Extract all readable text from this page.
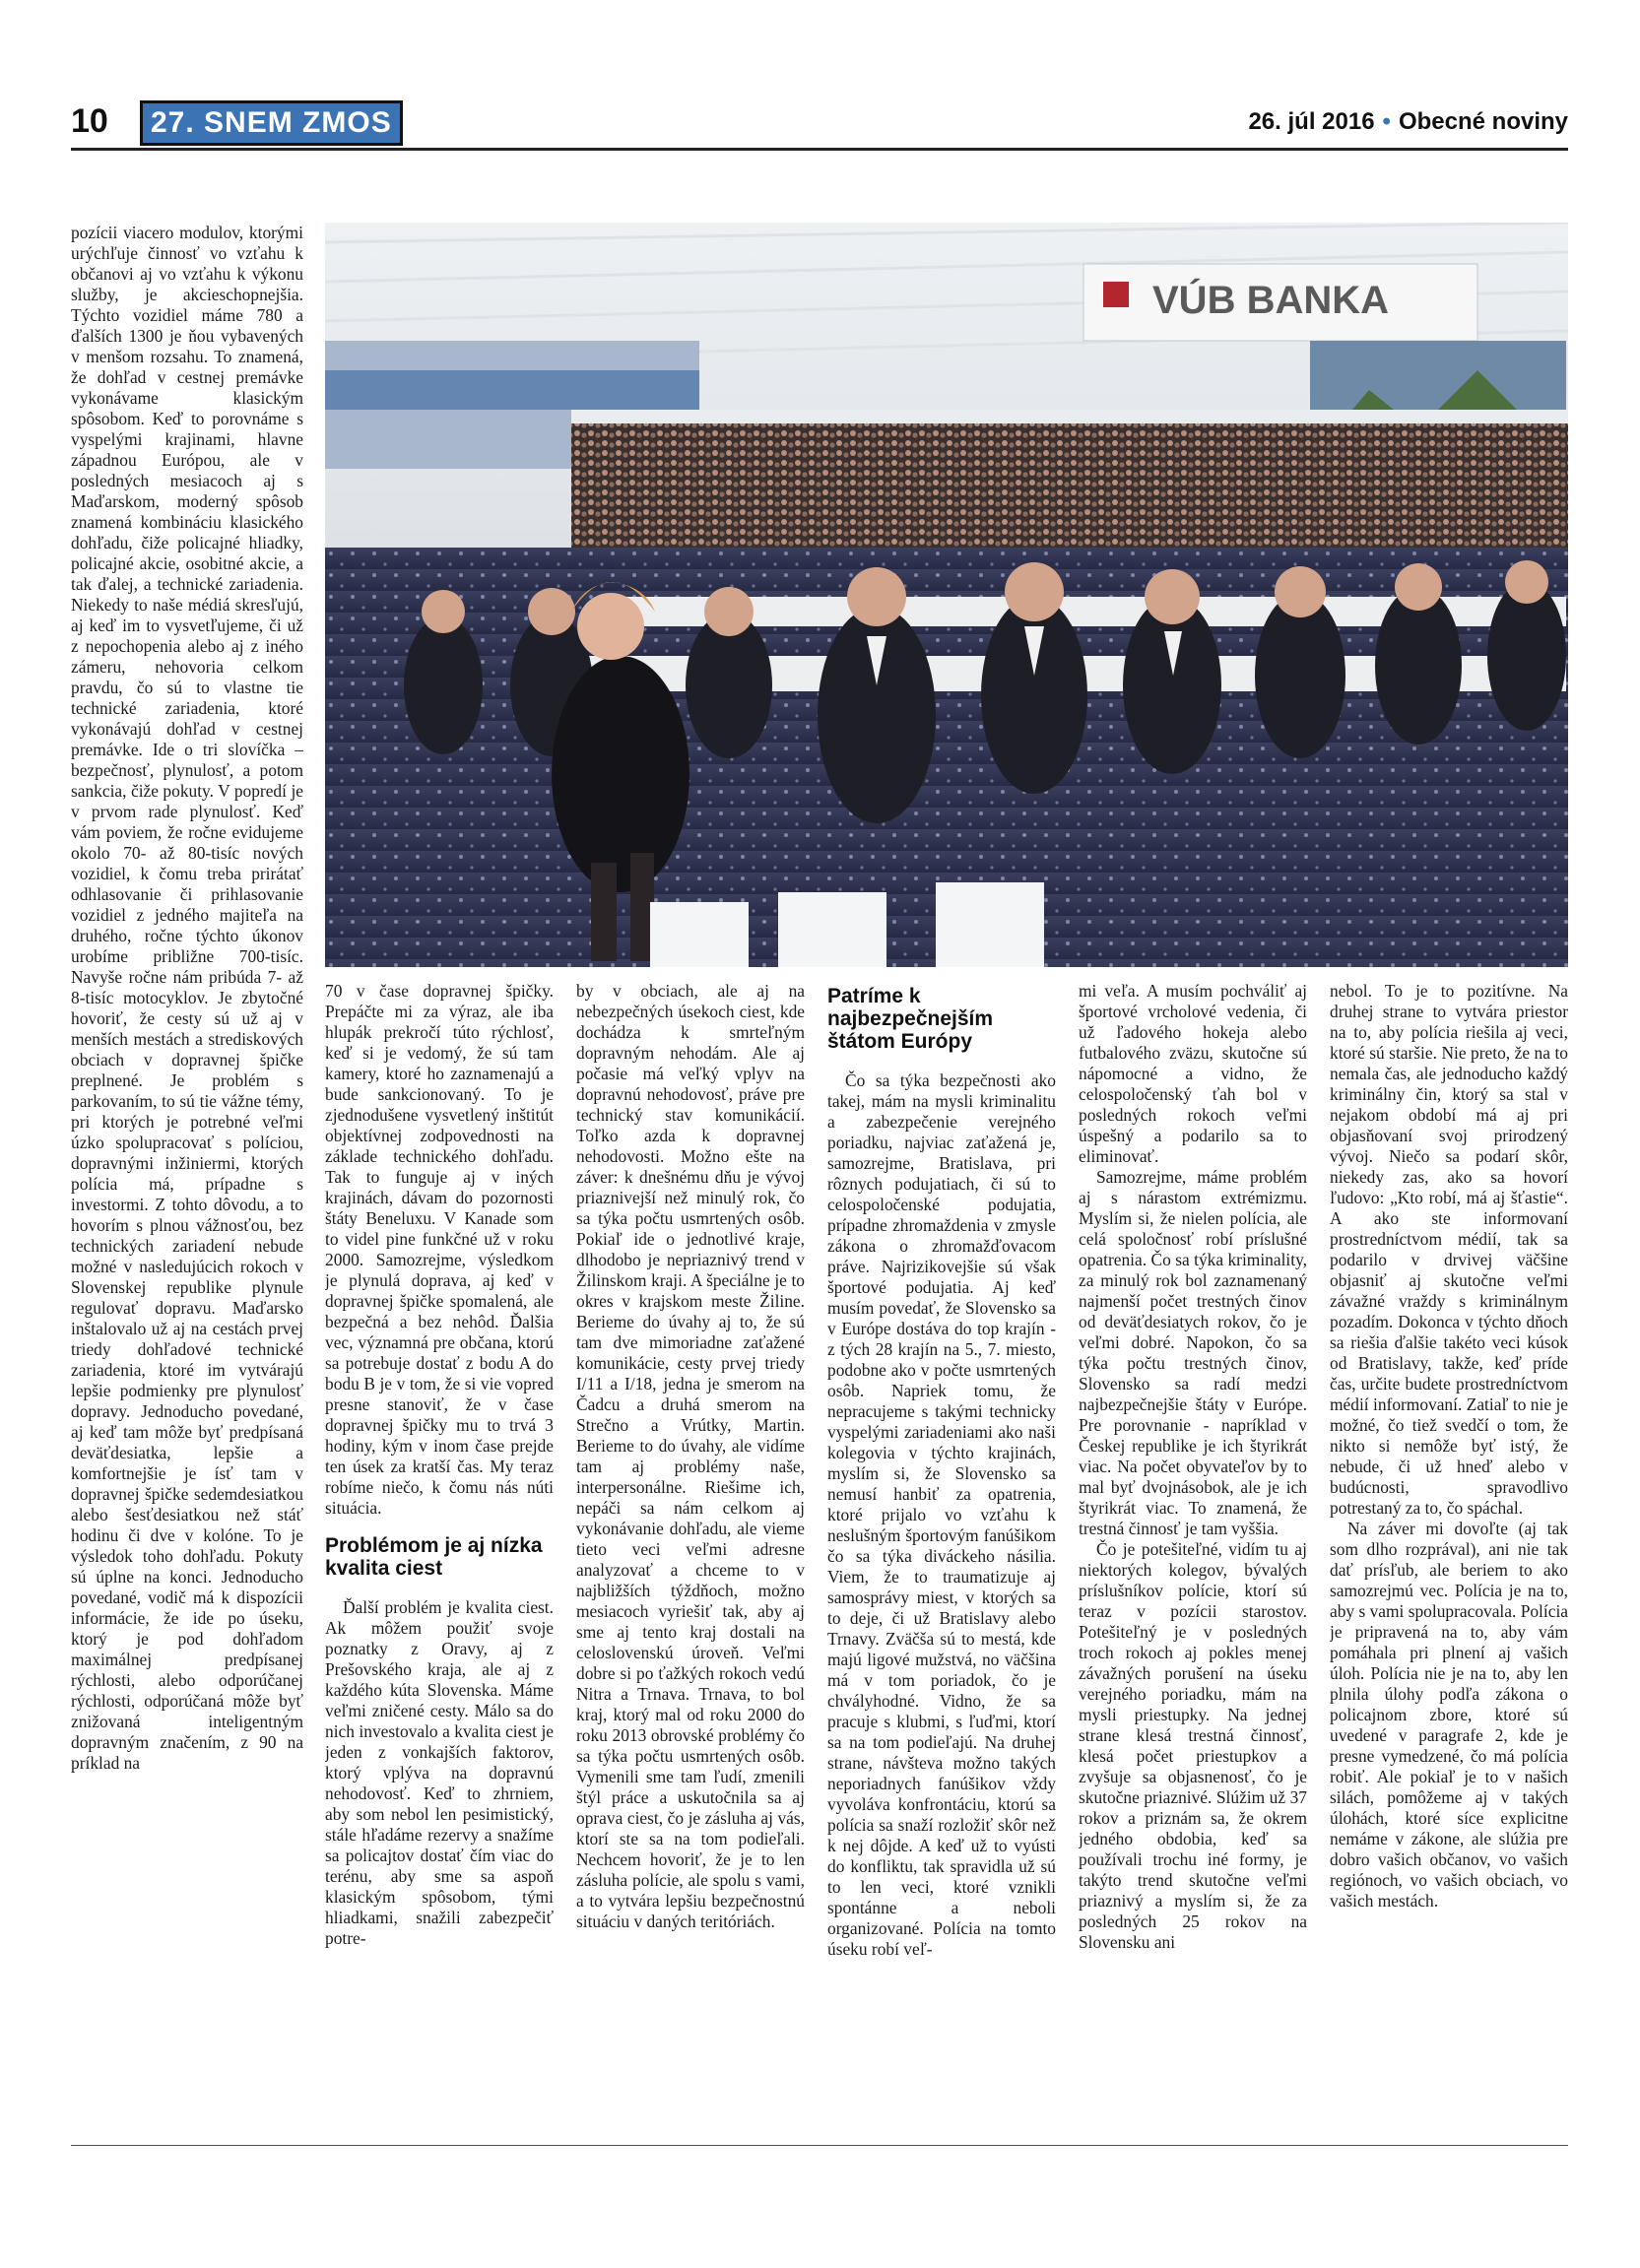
10	27. SNEM ZMOS	26. júl 2016 • Obecné noviny

pozícii viacero modulov, ktorými urýchľuje činnosť vo vzťahu k občanovi aj vo vzťahu k výkonu služby, je akcieschopnejšia. Týchto vozidiel máme 780 a ďalších 1300 je ňou vybavených v menšom rozsahu. To znamená, že dohľad v cestnej premávke vykonávame klasickým spôsobom. Keď to porovnáme s vyspelými krajinami, hlavne západnou Európou, ale v posledných mesiacoch aj s Maďarskom, moderný spôsob znamená kombináciu klasického dohľadu, čiže policajné hliadky, policajné akcie, osobitné akcie, a tak ďalej, a technické zariadenia. Niekedy to naše médiá skresľujú, aj keď im to vysvetľujeme, či už z nepochopenia alebo aj z iného zámeru, nehovoria celkom pravdu, čo sú to vlastne tie technické zariadenia, ktoré vykonávajú dohľad v cestnej premávke. Ide o tri slovíčka – bezpečnosť, plynulosť, a potom sankcia, čiže pokuty. V popredí je v prvom rade plynulosť. Keď vám poviem, že ročne evidujeme okolo 70- až 80-tisíc nových vozidiel, k čomu treba prirátať odhlasovanie či prihlasovanie vozidiel z jedného majiteľa na druhého, ročne týchto úkonov urobíme približne 700-tisíc. Navyše ročne nám pribúda 7- až 8-tisíc motocyklov. Je zbytočné hovoriť, že cesty sú už aj v menších mestách a strediskových obciach v dopravnej špičke preplnené. Je problém s parkovaním, to sú tie vážne témy, pri ktorých je potrebné veľmi úzko spolupracovať s políciou, dopravnými inžiniermi, ktorých polícia má, prípadne s investormi. Z tohto dôvodu, a to hovorím s plnou vážnosťou, bez technických zariadení nebude možné v nasledujúcich rokoch v Slovenskej republike plynule regulovať dopravu. Maďarsko inštalovalo už aj na cestách prvej triedy dohľadové technické zariadenia, ktoré im vytvárajú lepšie podmienky pre plynulosť dopravy. Jednoducho povedané, aj keď tam môže byť predpísaná deväťdesiatka, lepšie a komfortnejšie je ísť tam v dopravnej špičke sedemdesiatkou alebo šesťdesiatkou než stáť hodinu či dve v kolóne. To je výsledok toho dohľadu. Pokuty sú úplne na konci. Jednoducho povedané, vodič má k dispozícii informácie, že ide po úseku, ktorý je pod dohľadom maximálnej predpísanej rýchlosti, alebo odporúčanej rýchlosti, odporúčaná môže byť znižovaná inteligentným dopravným značením, z 90 na príklad na

VÚB BANKA

70 v čase dopravnej špičky. Prepáčte mi za výraz, ale iba hlupák prekročí túto rýchlosť, keď si je vedomý, že sú tam kamery, ktoré ho zaznamenajú a bude sankcionovaný. To je zjednodušene vysvetlený inštitút objektívnej zodpovednosti na základe technického dohľadu. Tak to funguje aj v iných krajinách, dávam do pozornosti štáty Beneluxu. V Kanade som to videl pine funkčné už v roku 2000. Samozrejme, výsledkom je plynulá doprava, aj keď v dopravnej špičke spomalená, ale bezpečná a bez nehôd. Ďalšia vec, významná pre občana, ktorú sa potrebuje dostať z bodu A do bodu B je v tom, že si vie vopred presne stanoviť, že v čase dopravnej špičky mu to trvá 3 hodiny, kým v inom čase prejde ten úsek za kratší čas. My teraz robíme niečo, k čomu nás núti situácia.

Problémom je aj nízka kvalita ciest

Ďalší problém je kvalita ciest. Ak môžem použiť svoje poznatky z Oravy, aj z Prešovského kraja, ale aj z každého kúta Slovenska. Máme veľmi zničené cesty. Málo sa do nich investovalo a kvalita ciest je jeden z vonkajších faktorov, ktorý vplýva na dopravnú nehodovosť. Keď to zhrniem, aby som nebol len pesimistický, stále hľadáme rezervy a snažíme sa policajtov dostať čím viac do terénu, aby sme sa aspoň klasickým spôsobom, tými hliadkami, snažili zabezpečiť potre-

by v obciach, ale aj na nebezpečných úsekoch ciest, kde dochádza k smrteľným dopravným nehodám. Ale aj počasie má veľký vplyv na dopravnú nehodovosť, práve pre technický stav komunikácií. Toľko azda k dopravnej nehodovosti. Možno ešte na záver: k dnešnému dňu je vývoj priaznivejší než minulý rok, čo sa týka počtu usmrtených osôb. Pokiaľ ide o jednotlivé kraje, dlhodobo je nepriaznivý trend v Žilinskom kraji. A špeciálne je to okres v krajskom meste Žiline. Berieme do úvahy aj to, že sú tam dve mimoriadne zaťažené komunikácie, cesty prvej triedy I/11 a I/18, jedna je smerom na Čadcu a druhá smerom na Strečno a Vrútky, Martin. Berieme to do úvahy, ale vidíme tam aj problémy naše, interpersonálne. Riešime ich, nepáči sa nám celkom aj vykonávanie dohľadu, ale vieme tieto veci veľmi adresne analyzovať a chceme to v najbližších týždňoch, možno mesiacoch vyriešiť tak, aby aj sme aj tento kraj dostali na celoslovenskú úroveň. Veľmi dobre si po ťažkých rokoch vedú Nitra a Trnava. Trnava, to bol kraj, ktorý mal od roku 2000 do roku 2013 obrovské problémy čo sa týka počtu usmrtených osôb. Vymenili sme tam ľudí, zmenili štýl práce a uskutočnila sa aj oprava ciest, čo je zásluha aj vás, ktorí ste sa na tom podieľali. Nechcem hovoriť, že je to len zásluha polície, ale spolu s vami, a to vytvára lepšiu bezpečnostnú situáciu v daných teritóriách.

Patríme k najbezpečnejším štátom Európy

Čo sa týka bezpečnosti ako takej, mám na mysli kriminalitu a zabezpečenie verejného poriadku, najviac zaťažená je, samozrejme, Bratislava, pri rôznych podujatiach, či sú to celospoločenské podujatia, prípadne zhromaždenia v zmysle zákona o zhromažďovacom práve. Najrizikovejšie sú však športové podujatia. Aj keď musím povedať, že Slovensko sa v Európe dostáva do top krajín - z tých 28 krajín na 5., 7. miesto, podobne ako v počte usmrtených osôb. Napriek tomu, že nepracujeme s takými technicky vyspelými zariadeniami ako naši kolegovia v týchto krajinách, myslím si, že Slovensko sa nemusí hanbiť za opatrenia, ktoré prijalo vo vzťahu k neslušným športovým fanúšikom čo sa týka diváckeho násilia. Viem, že to traumatizuje aj samosprávy miest, v ktorých sa to deje, či už Bratislavy alebo Trnavy. Zväčša sú to mestá, kde majú ligové mužstvá, no väčšina má v tom poriadok, čo je chvályhodné. Vidno, že sa pracuje s klubmi, s ľuďmi, ktorí sa na tom podieľajú. Na druhej strane, návšteva možno takých neporiadnych fanúšikov vždy vyvoláva konfrontáciu, ktorú sa polícia sa snaží rozložiť skôr než k nej dôjde. A keď už to vyústi do konfliktu, tak spravidla už sú to len veci, ktoré vznikli spontánne a neboli organizované. Polícia na tomto úseku robí veľ-

mi veľa. A musím pochváliť aj športové vrcholové vedenia, či už ľadového hokeja alebo futbalového zväzu, skutočne sú nápomocné a vidno, že celospoločenský ťah bol v posledných rokoch veľmi úspešný a podarilo sa to eliminovať.

Samozrejme, máme problém aj s nárastom extrémizmu. Myslím si, že nielen polícia, ale celá spoločnosť robí príslušné opatrenia. Čo sa týka kriminality, za minulý rok bol zaznamenaný najmenší počet trestných činov od deväťdesiatych rokov, čo je veľmi dobré. Napokon, čo sa týka počtu trestných činov, Slovensko sa radí medzi najbezpečnejšie štáty v Európe. Pre porovnanie - napríklad v Českej republike je ich štyrikrát viac. Na počet obyvateľov by to mal byť dvojnásobok, ale je ich štyrikrát viac. To znamená, že trestná činnosť je tam vyššia.

Čo je potešiteľné, vidím tu aj niektorých kolegov, bývalých príslušníkov polície, ktorí sú teraz v pozícii starostov. Potešiteľný je v posledných troch rokoch aj pokles menej závažných porušení na úseku verejného poriadku, mám na mysli priestupky. Na jednej strane klesá trestná činnosť, klesá počet priestupkov a zvyšuje sa objasnenosť, čo je skutočne priaznivé. Slúžim už 37 rokov a priznám sa, že okrem jedného obdobia, keď sa používali trochu iné formy, je takýto trend skutočne veľmi priaznivý a myslím si, že za posledných 25 rokov na Slovensku ani

nebol. To je to pozitívne. Na druhej strane to vytvára priestor na to, aby polícia riešila aj veci, ktoré sú staršie. Nie preto, že na to nemala čas, ale jednoducho každý kriminálny čin, ktorý sa stal v nejakom období má aj pri objasňovaní svoj prirodzený vývoj. Niečo sa podarí skôr, niekedy zas, ako sa hovorí ľudovo: „Kto robí, má aj šťastie“. A ako ste informovaní prostredníctvom médií, tak sa podarilo v drvivej väčšine objasniť aj skutočne veľmi závažné vraždy s kriminálnym pozadím. Dokonca v týchto dňoch sa riešia ďalšie takéto veci kúsok od Bratislavy, takže, keď príde čas, určite budete prostredníctvom médií informovaní. Zatiaľ to nie je možné, čo tiež svedčí o tom, že nikto si nemôže byť istý, že nebude, či už hneď alebo v budúcnosti, spravodlivo potrestaný za to, čo spáchal.

Na záver mi dovoľte (aj tak som dlho rozprával), ani nie tak dať prísľub, ale beriem to ako samozrejmú vec. Polícia je na to, aby s vami spolupracovala. Polícia je pripravená na to, aby vám pomáhala pri plnení aj vašich úloh. Polícia nie je na to, aby len plnila úlohy podľa zákona o policajnom zbore, ktoré sú uvedené v paragrafe 2, kde je presne vymedzené, čo má polícia robiť. Ale pokiaľ je to v našich silách, pomôžeme aj v takých úlohách, ktoré síce explicitne nemáme v zákone, ale slúžia pre dobro vašich občanov, vo vašich regiónoch, vo vašich obciach, vo vašich mestách.
